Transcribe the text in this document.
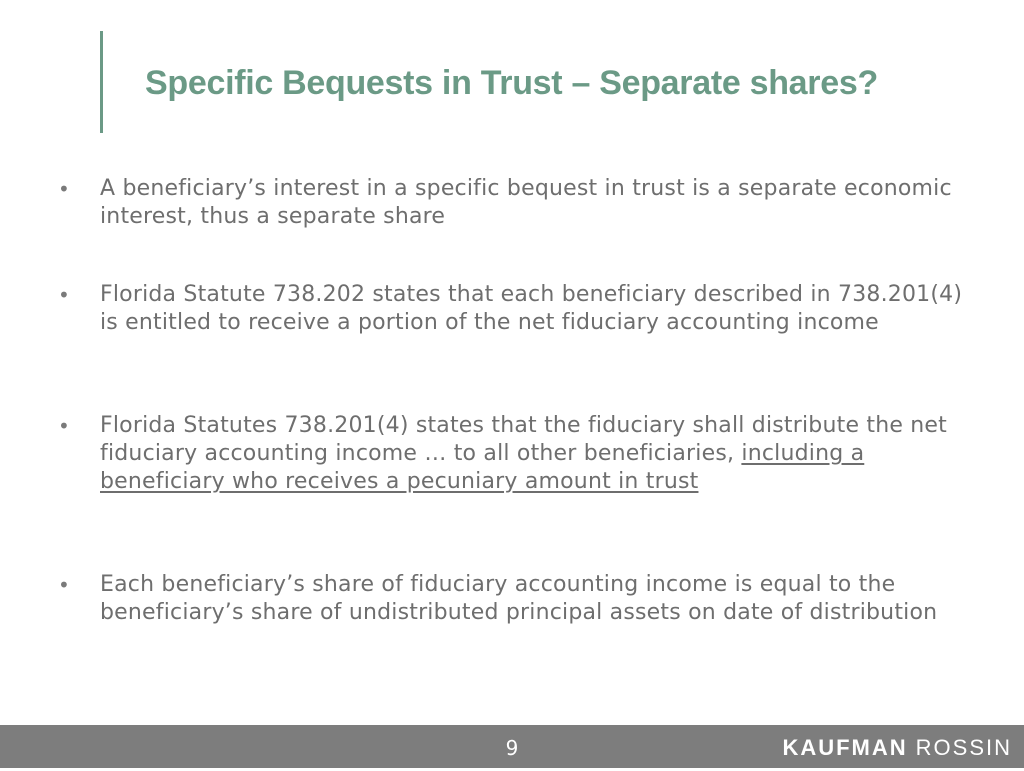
Specific Bequests in Trust – Separate shares?
• A beneficiary’s interest in a specific bequest in trust is a separate economic interest, thus a separate share

• Florida Statute 738.202 states that each beneficiary described in 738.201(4) is entitled to receive a portion of the net fiduciary accounting income

• Florida Statutes 738.201(4) states that the fiduciary shall distribute the net fiduciary accounting income … to all other beneficiaries, including a beneficiary who receives a pecuniary amount in trust

• Each beneficiary’s share of fiduciary accounting income is equal to the beneficiary’s share of undistributed principal assets on date of distribution

9	KAUFMAN ROSSIN
